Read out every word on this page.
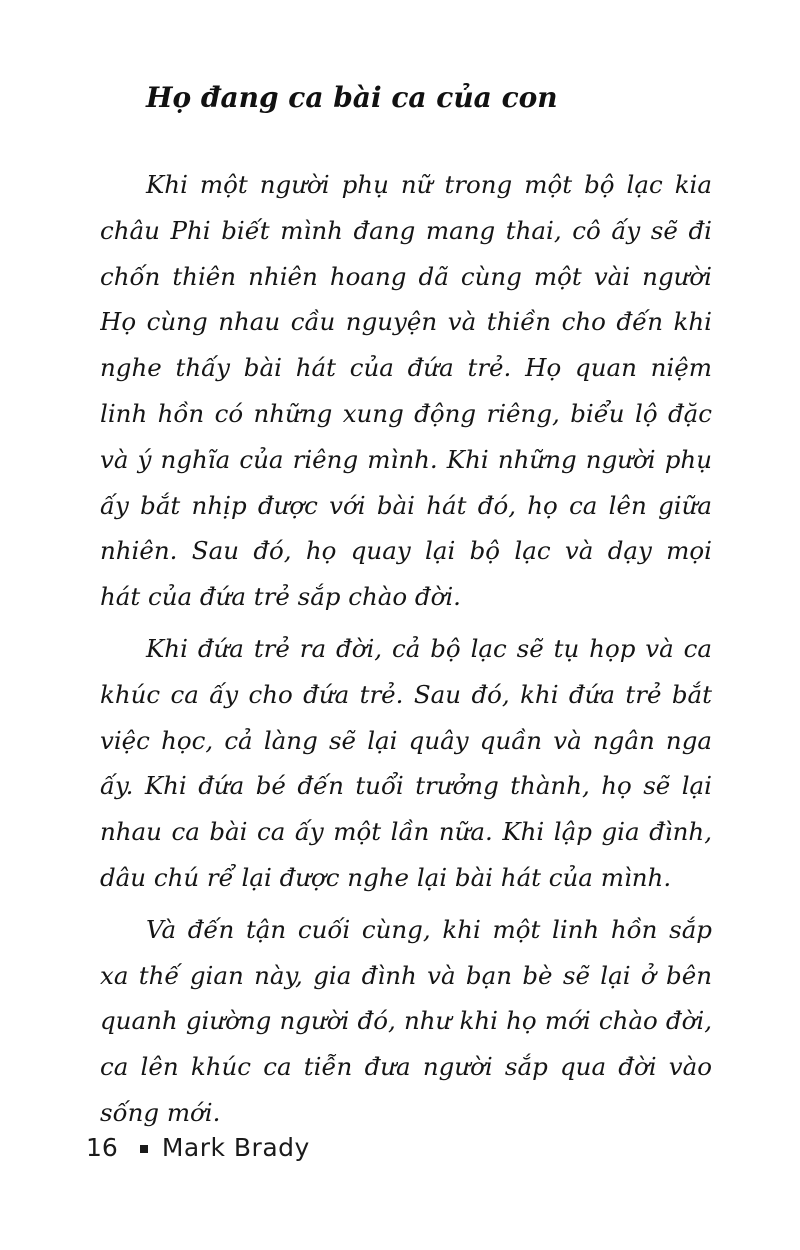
Họ đang ca bài ca của con
Khi một người phụ nữ trong một bộ lạc kia
châu Phi biết mình đang mang thai, cô ấy sẽ đi
chốn thiên nhiên hoang dã cùng một vài người
Họ cùng nhau cầu nguyện và thiền cho đến khi
nghe thấy bài hát của đứa trẻ. Họ quan niệm
linh hồn có những xung động riêng, biểu lộ đặc
và ý nghĩa của riêng mình. Khi những người phụ
ấy bắt nhịp được với bài hát đó, họ ca lên giữa
nhiên. Sau đó, họ quay lại bộ lạc và dạy mọi
hát của đứa trẻ sắp chào đời.
Khi đứa trẻ ra đời, cả bộ lạc sẽ tụ họp và ca
khúc ca ấy cho đứa trẻ. Sau đó, khi đứa trẻ bắt
việc học, cả làng sẽ lại quây quần và ngân nga
ấy. Khi đứa bé đến tuổi trưởng thành, họ sẽ lại
nhau ca bài ca ấy một lần nữa. Khi lập gia đình,
dâu chú rể lại được nghe lại bài hát của mình.
Và đến tận cuối cùng, khi một linh hồn sắp
xa thế gian này, gia đình và bạn bè sẽ lại ở bên
quanh giường người đó, như khi họ mới chào đời,
ca lên khúc ca tiễn đưa người sắp qua đời vào
sống mới.
16 Mark Brady
